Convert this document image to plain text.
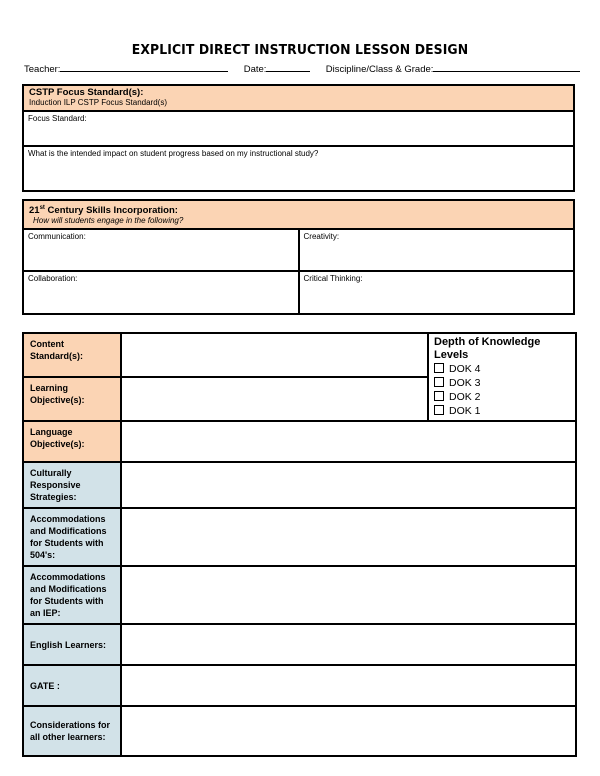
EXPLICIT DIRECT INSTRUCTION LESSON DESIGN
Teacher:	Date:	Discipline/Class & Grade:
CSTP Focus Standard(s):
Induction ILP CSTP Focus Standard(s)

Focus Standard:
What is the intended impact on student progress based on my instructional study?
21st Century Skills Incorporation:
How will students engage in the following?	

Communication:	Creativity:
Collaboration:	Critical Thinking:
Content Standard(s):		Depth of Knowledge Levels
DOK 4
DOK 3
DOK 2
DOK 1

Learning Objective(s):		
Language Objective(s):		
Culturally Responsive Strategies:		
Accommodations and Modifications for Students with 504's:		
Accommodations and Modifications for Students with an IEP:		
English Learners:		
GATE :		
Considerations for all other learners:		
